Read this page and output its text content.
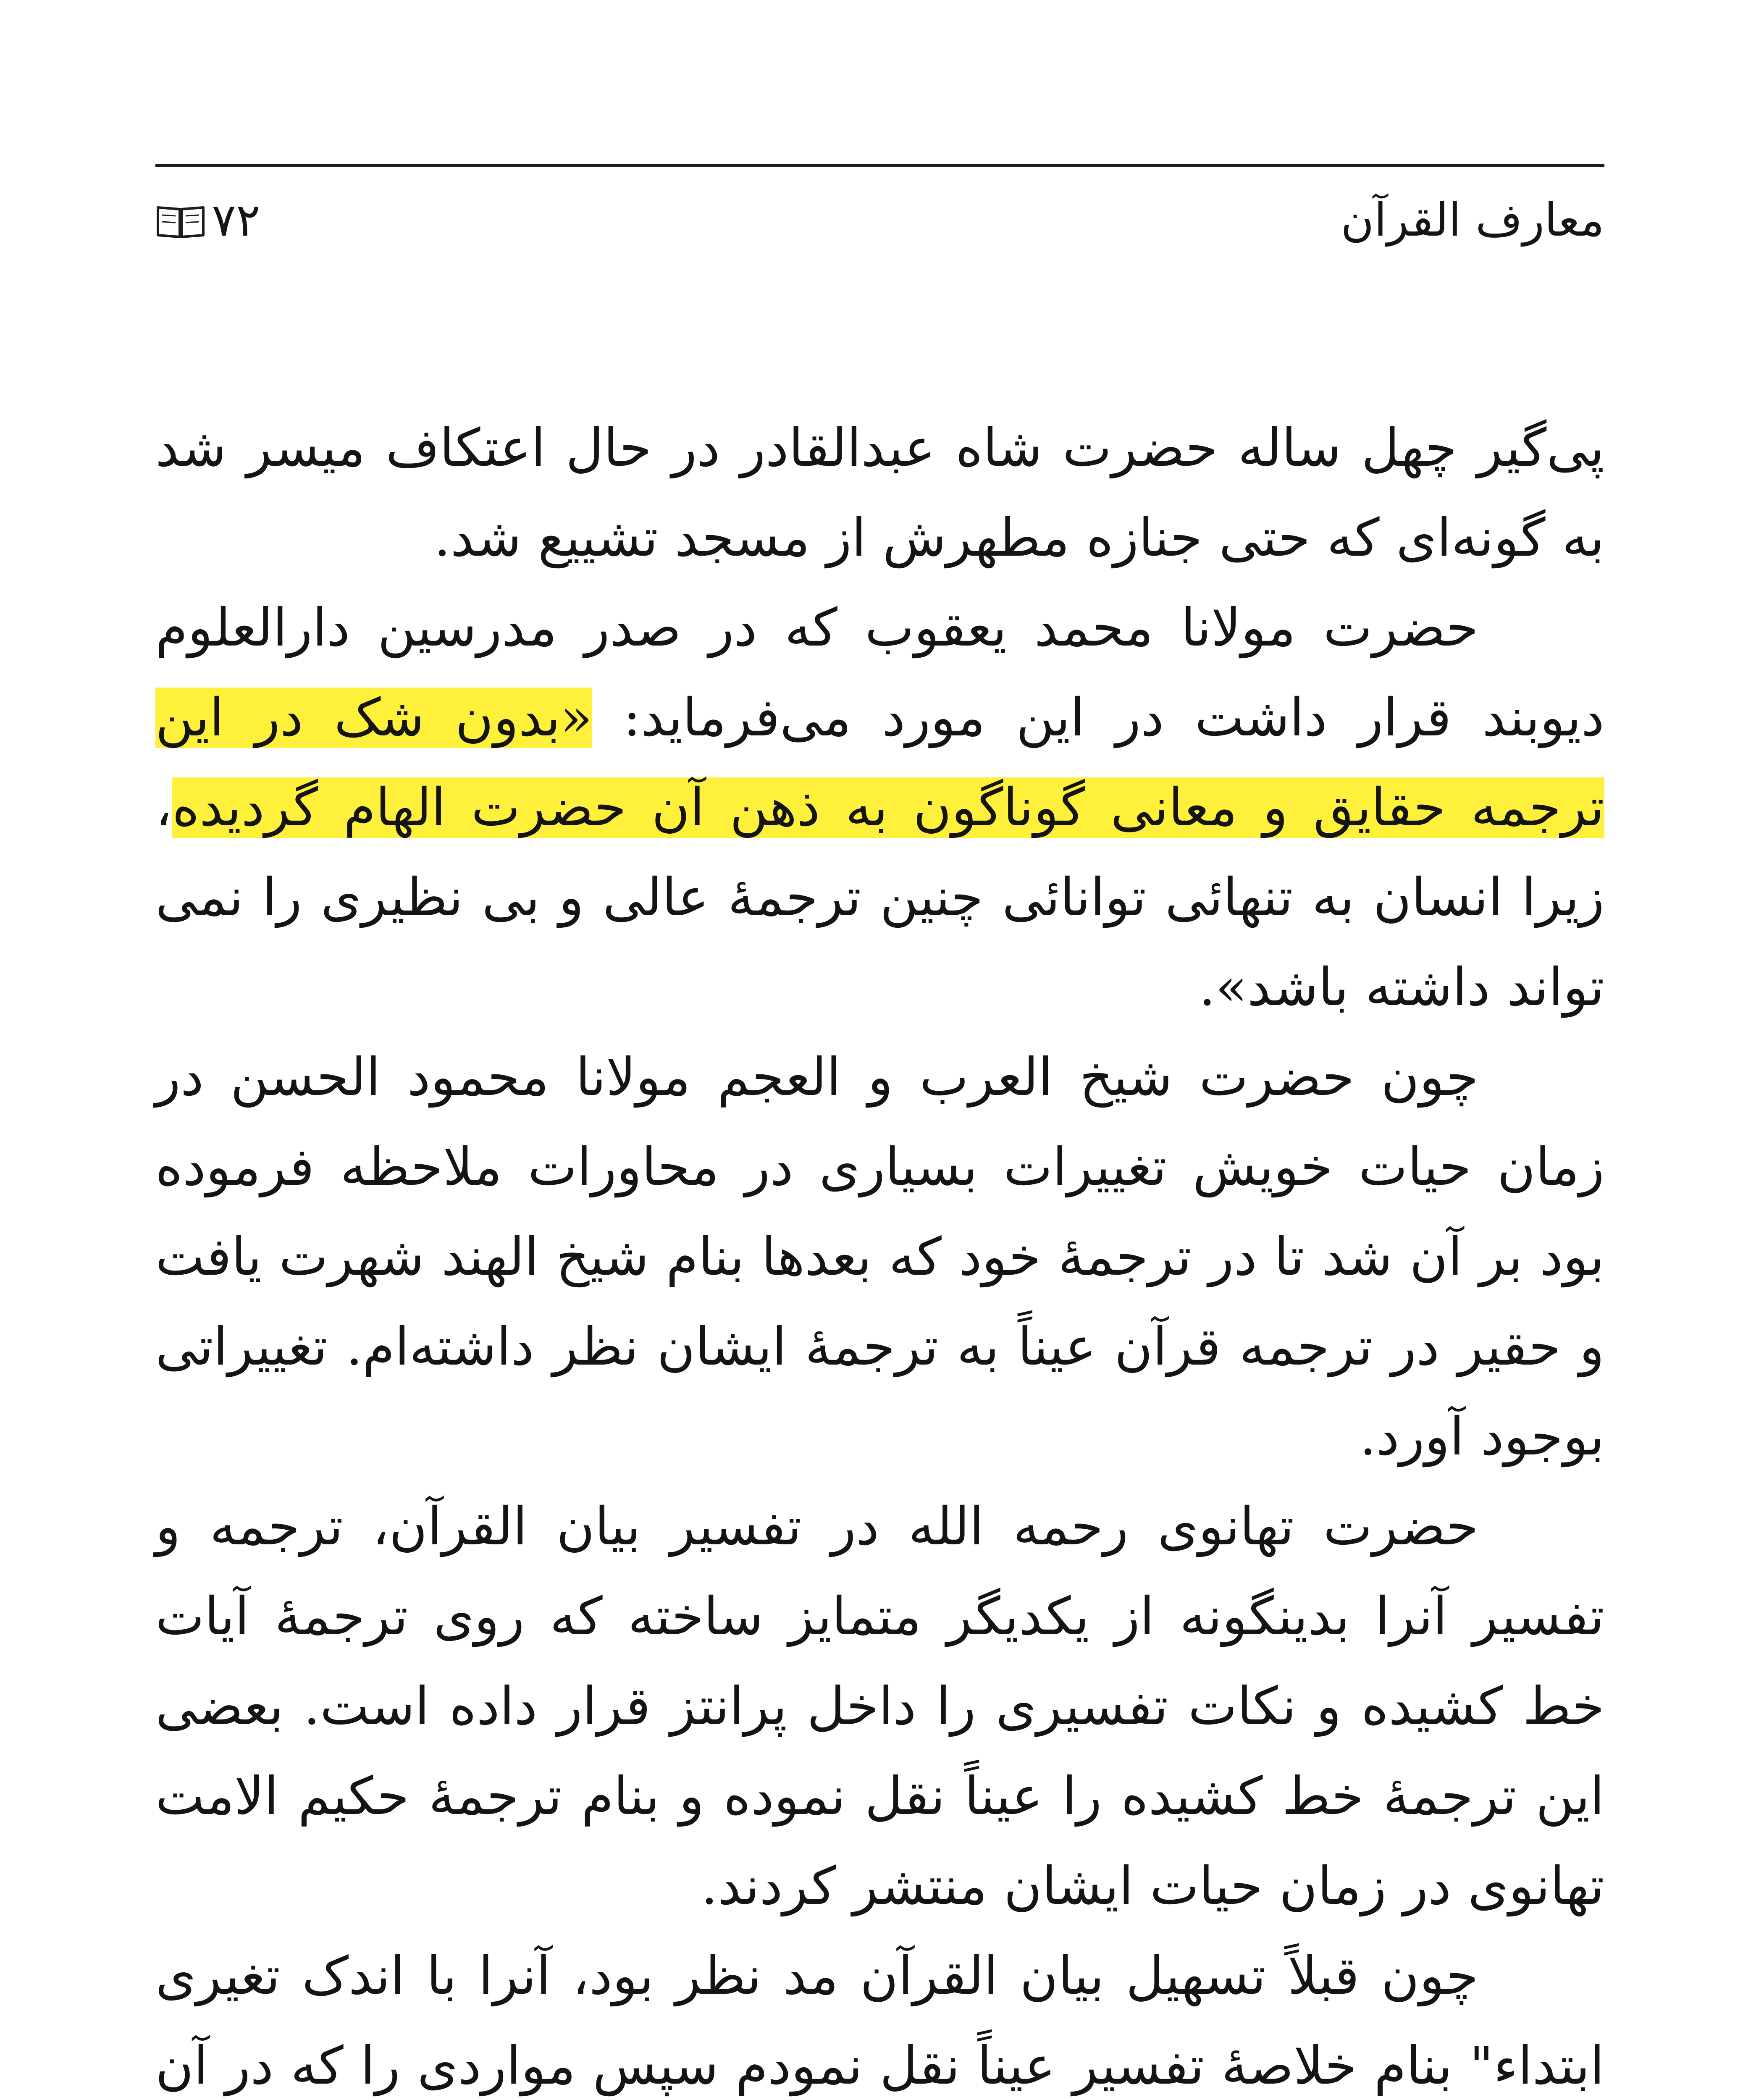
معارف القرآن
۷۲

پی‌گیر چهل ساله حضرت شاه عبدالقادر در حال اعتکاف میسر شد به گونه‌ای که حتی جنازه مطهرش از مسجد تشییع شد.

حضرت مولانا محمد یعقوب که در صدر مدرسین دارالعلوم دیوبند قرار داشت در این مورد می‌فرماید: «بدون شک در این ترجمه حقایق و معانی گوناگون به ذهن آن حضرت الهام گردیده، زیرا انسان به تنهائی توانائی چنین ترجمهٔ عالی و بی نظیری را نمی تواند داشته باشد».

چون حضرت شیخ العرب و العجم مولانا محمود الحسن در زمان حیات خویش تغییرات بسیاری در محاورات ملاحظه فرموده بود بر آن شد تا در ترجمهٔ خود که بعدها بنام شیخ الهند شهرت یافت و حقیر در ترجمه قرآن عیناً به ترجمهٔ ایشان نظر داشته‌ام. تغییراتی بوجود آورد.

حضرت تهانوی رحمه الله در تفسیر بیان القرآن، ترجمه و تفسیر آنرا بدینگونه از یکدیگر متمایز ساخته که روی ترجمهٔ آیات خط کشیده و نکات تفسیری را داخل پرانتز قرار داده است. بعضی این ترجمهٔ خط کشیده را عیناً نقل نموده و بنام ترجمهٔ حکیم الامت تهانوی در زمان حیات ایشان منتشر کردند.

چون قبلاً تسهیل بیان القرآن مد نظر بود، آنرا با اندک تغیری ابتداء" بنام خلاصهٔ تفسیر عیناً نقل نمودم سپس مواردی را که در آن
